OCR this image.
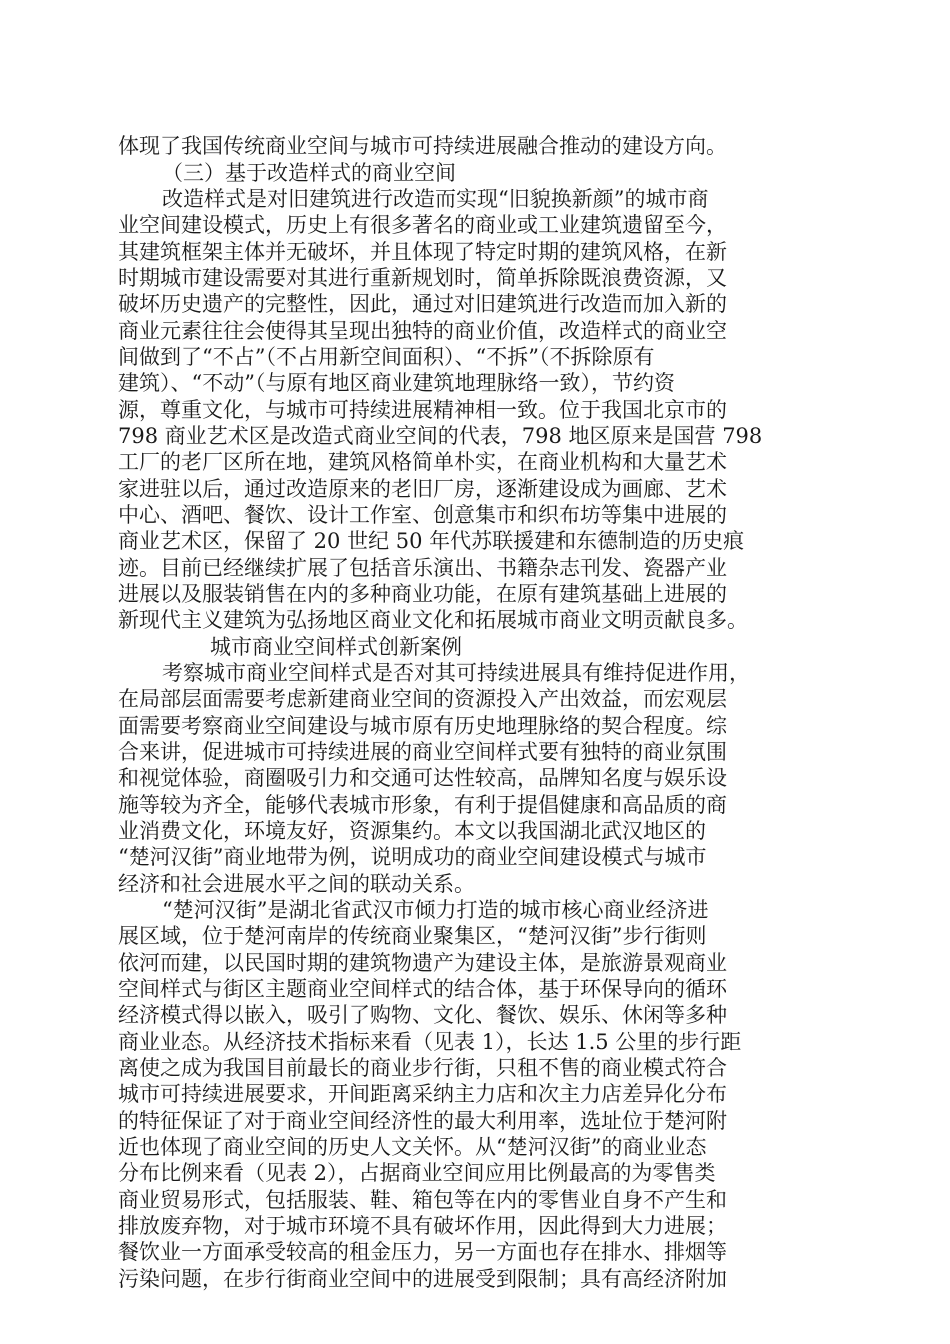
体现了我国传统商业空间与城市可持续进展融合推动的建设方向。
（三）基于改造样式的商业空间
改造样式是对旧建筑进行改造而实现“旧貌换新颜”的城市商
业空间建设模式，历史上有很多著名的商业或工业建筑遗留至今，
其建筑框架主体并无破坏，并且体现了特定时期的建筑风格，在新
时期城市建设需要对其进行重新规划时，简单拆除既浪费资源，又
破坏历史遗产的完整性，因此，通过对旧建筑进行改造而加入新的
商业元素往往会使得其呈现出独特的商业价值，改造样式的商业空
间做到了“不占”（不占用新空间面积）、“不拆”（不拆除原有
建筑）、“不动”（与原有地区商业建筑地理脉络一致），节约资
源，尊重文化，与城市可持续进展精神相一致。位于我国北京市的
798 商业艺术区是改造式商业空间的代表，798 地区原来是国营 798
工厂的老厂区所在地，建筑风格简单朴实，在商业机构和大量艺术
家进驻以后，通过改造原来的老旧厂房，逐渐建设成为画廊、艺术
中心、酒吧、餐饮、设计工作室、创意集市和织布坊等集中进展的
商业艺术区，保留了 20 世纪 50 年代苏联援建和东德制造的历史痕
迹。目前已经继续扩展了包括音乐演出、书籍杂志刊发、瓷器产业
进展以及服装销售在内的多种商业功能，在原有建筑基础上进展的
新现代主义建筑为弘扬地区商业文化和拓展城市商业文明贡献良多。
城市商业空间样式创新案例
考察城市商业空间样式是否对其可持续进展具有维持促进作用，
在局部层面需要考虑新建商业空间的资源投入产出效益，而宏观层
面需要考察商业空间建设与城市原有历史地理脉络的契合程度。综
合来讲，促进城市可持续进展的商业空间样式要有独特的商业氛围
和视觉体验，商圈吸引力和交通可达性较高，品牌知名度与娱乐设
施等较为齐全，能够代表城市形象，有利于提倡健康和高品质的商
业消费文化，环境友好，资源集约。本文以我国湖北武汉地区的
“楚河汉街”商业地带为例，说明成功的商业空间建设模式与城市
经济和社会进展水平之间的联动关系。
“楚河汉街”是湖北省武汉市倾力打造的城市核心商业经济进
展区域，位于楚河南岸的传统商业聚集区，“楚河汉街”步行街则
依河而建，以民国时期的建筑物遗产为建设主体，是旅游景观商业
空间样式与街区主题商业空间样式的结合体，基于环保导向的循环
经济模式得以嵌入，吸引了购物、文化、餐饮、娱乐、休闲等多种
商业业态。从经济技术指标来看（见表 1），长达 1.5 公里的步行距
离使之成为我国目前最长的商业步行街，只租不售的商业模式符合
城市可持续进展要求，开间距离采纳主力店和次主力店差异化分布
的特征保证了对于商业空间经济性的最大利用率，选址位于楚河附
近也体现了商业空间的历史人文关怀。从“楚河汉街”的商业业态
分布比例来看（见表 2），占据商业空间应用比例最高的为零售类
商业贸易形式，包括服装、鞋、箱包等在内的零售业自身不产生和
排放废弃物，对于城市环境不具有破坏作用，因此得到大力进展；
餐饮业一方面承受较高的租金压力，另一方面也存在排水、排烟等
污染问题，在步行街商业空间中的进展受到限制；具有高经济附加
